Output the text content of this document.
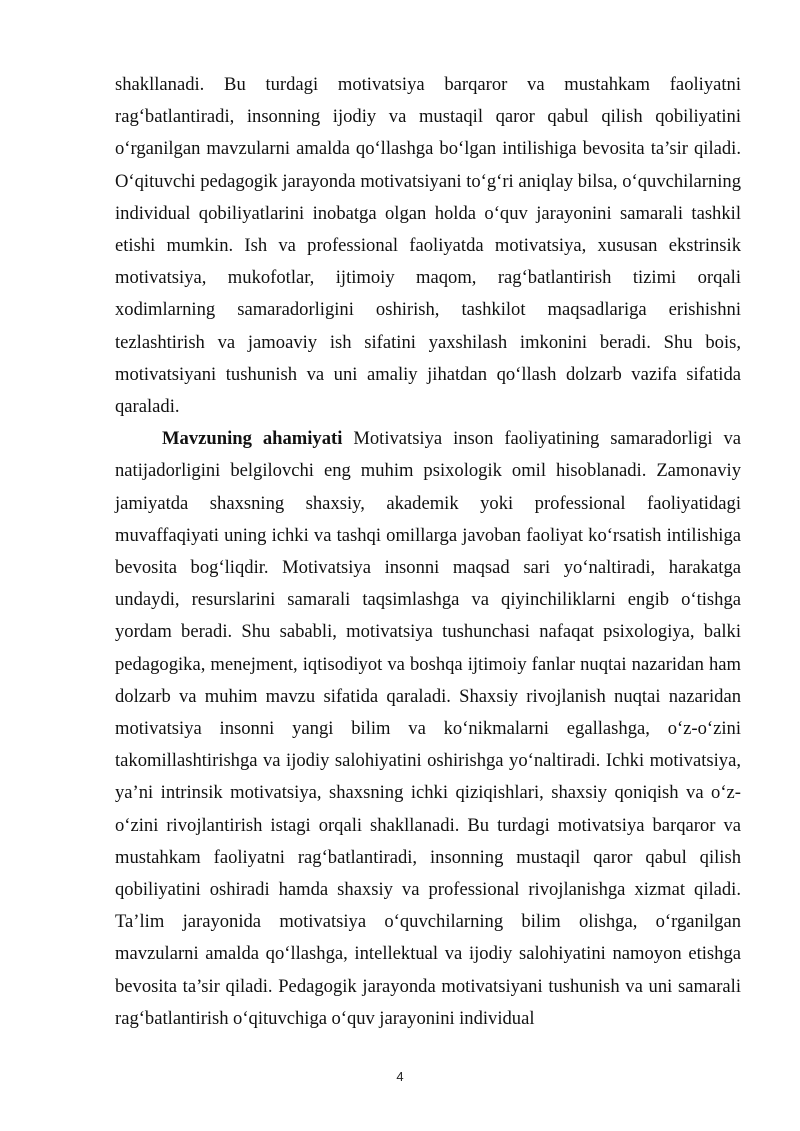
shakllanadi. Bu turdagi motivatsiya barqaror va mustahkam faoliyatni rag‘batlantiradi, insonning ijodiy va mustaqil qaror qabul qilish qobiliyatini o‘rganilgan mavzularni amalda qo‘llashga bo‘lgan intilishiga bevosita ta’sir qiladi. O‘qituvchi pedagogik jarayonda motivatsiyani to‘g‘ri aniqlay bilsa, o‘quvchilarning individual qobiliyatlarini inobatga olgan holda o‘quv jarayonini samarali tashkil etishi mumkin. Ish va professional faoliyatda motivatsiya, xususan ekstrinsik motivatsiya, mukofotlar, ijtimoiy maqom, rag‘batlantirish tizimi orqali xodimlarning samaradorligini oshirish, tashkilot maqsadlariga erishishni tezlashtirish va jamoaviy ish sifatini yaxshilash imkonini beradi. Shu bois, motivatsiyani tushunish va uni amaliy jihatdan qo‘llash dolzarb vazifa sifatida qaraladi.

Mavzuning ahamiyati Motivatsiya inson faoliyatining samaradorligi va natijadorligini belgilovchi eng muhim psixologik omil hisoblanadi. Zamonaviy jamiyatda shaxsning shaxsiy, akademik yoki professional faoliyatidagi muvaffaqiyati uning ichki va tashqi omillarga javoban faoliyat ko‘rsatish intilishiga bevosita bog‘liqdir. Motivatsiya insonni maqsad sari yo‘naltiradi, harakatga undaydi, resurslarini samarali taqsimlashga va qiyinchiliklarni engib o‘tishga yordam beradi. Shu sababli, motivatsiya tushunchasi nafaqat psixologiya, balki pedagogika, menejment, iqtisodiyot va boshqa ijtimoiy fanlar nuqtai nazaridan ham dolzarb va muhim mavzu sifatida qaraladi. Shaxsiy rivojlanish nuqtai nazaridan motivatsiya insonni yangi bilim va ko‘nikmalarni egallashga, o‘z-o‘zini takomillashtirishga va ijodiy salohiyatini oshirishga yo‘naltiradi. Ichki motivatsiya, ya’ni intrinsik motivatsiya, shaxsning ichki qiziqishlari, shaxsiy qoniqish va o‘z-o‘zini rivojlantirish istagi orqali shakllanadi. Bu turdagi motivatsiya barqaror va mustahkam faoliyatni rag‘batlantiradi, insonning mustaqil qaror qabul qilish qobiliyatini oshiradi hamda shaxsiy va professional rivojlanishga xizmat qiladi. Ta’lim jarayonida motivatsiya o‘quvchilarning bilim olishga, o‘rganilgan mavzularni amalda qo‘llashga, intellektual va ijodiy salohiyatini namoyon etishga bevosita ta’sir qiladi. Pedagogik jarayonda motivatsiyani tushunish va uni samarali rag‘batlantirish o‘qituvchiga o‘quv jarayonini individual

4
